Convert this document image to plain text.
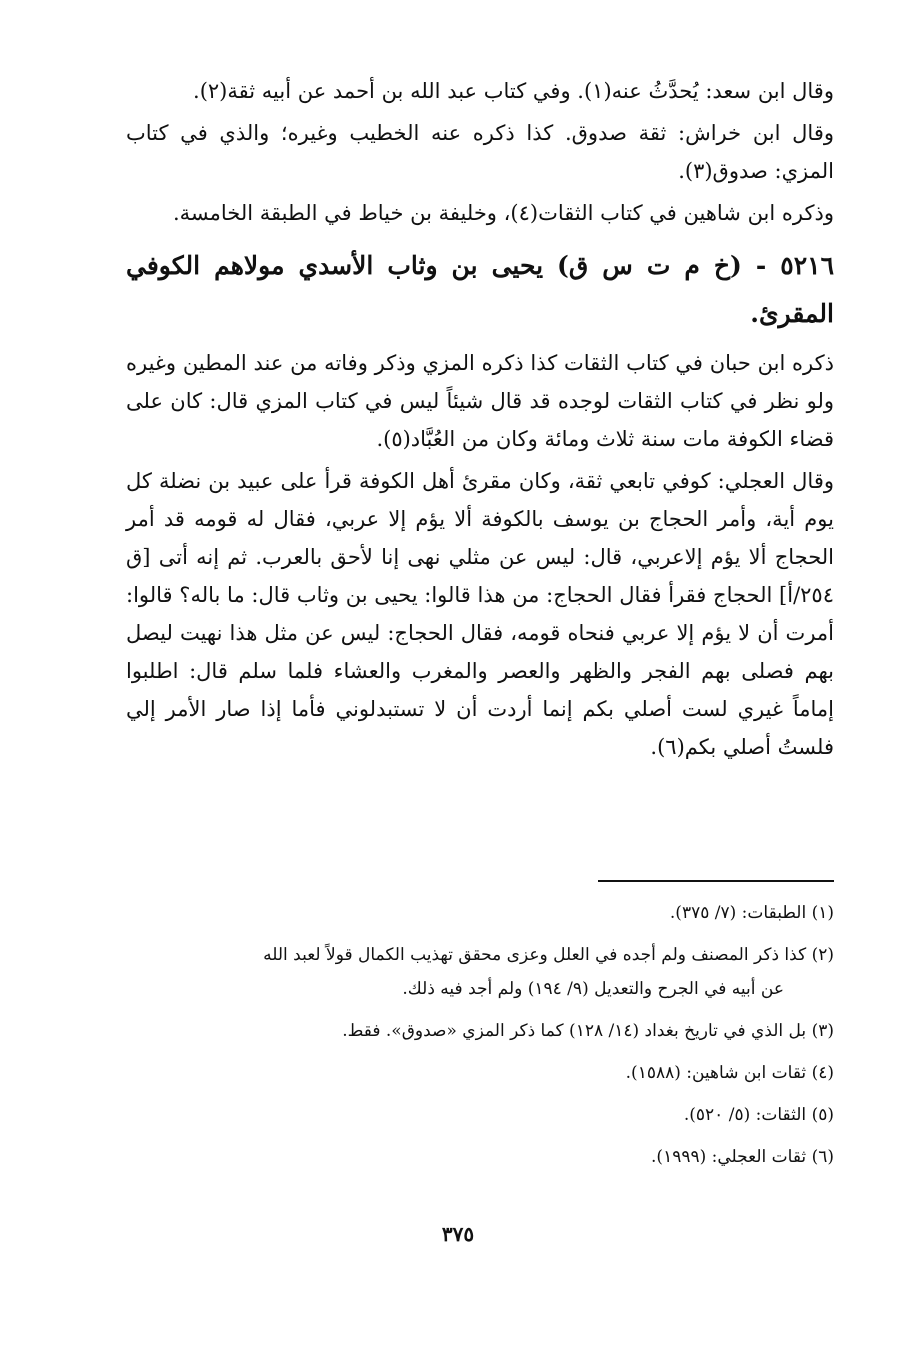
وقال ابن سعد: يُحدَّثُ عنه(١). وفي كتاب عبد الله بن أحمد عن أبيه ثقة(٢).

وقال ابن خراش: ثقة صدوق. كذا ذكره عنه الخطيب وغيره؛ والذي في كتاب المزي: صدوق(٣).

وذكره ابن شاهين في كتاب الثقات(٤)، وخليفة بن خياط في الطبقة الخامسة.

٥٢١٦ - (خ م ت س ق) يحيى بن وثاب الأسدي مولاهم الكوفي المقرئ.

ذكره ابن حبان في كتاب الثقات كذا ذكره المزي وذكر وفاته من عند المطين وغيره ولو نظر في كتاب الثقات لوجده قد قال شيئاً ليس في كتاب المزي قال: كان على قضاء الكوفة مات سنة ثلاث ومائة وكان من العُبَّاد(٥).

وقال العجلي: كوفي تابعي ثقة، وكان مقرئ أهل الكوفة قرأ على عبيد بن نضلة كل يوم أية، وأمر الحجاج بن يوسف بالكوفة ألا يؤم إلا عربي، فقال له قومه قد أمر الحجاج ألا يؤم إلاعربي، قال: ليس عن مثلي نهى إنا لأحق بالعرب. ثم إنه أتى [ق ٢٥٤/أ] الحجاج فقرأ فقال الحجاج: من هذا قالوا: يحيى بن وثاب قال: ما باله؟ قالوا: أمرت أن لا يؤم إلا عربي فنحاه قومه، فقال الحجاج: ليس عن مثل هذا نهيت ليصل بهم فصلى بهم الفجر والظهر والعصر والمغرب والعشاء فلما سلم قال: اطلبوا إماماً غيري لست أصلي بكم إنما أردت أن لا تستبدلوني فأما إذا صار الأمر إلي فلستُ أصلي بكم(٦).

(١) الطبقات: (٧/ ٣٧٥).
(٢) كذا ذكر المصنف ولم أجده في العلل وعزى محقق تهذيب الكمال قولاً لعبد الله
عن أبيه في الجرح والتعديل (٩/ ١٩٤) ولم أجد فيه ذلك.
(٣) بل الذي في تاريخ بغداد (١٤/ ١٢٨) كما ذكر المزي «صدوق». فقط.
(٤) ثقات ابن شاهين: (١٥٨٨).
(٥) الثقات: (٥/ ٥٢٠).
(٦) ثقات العجلي: (١٩٩٩).
٣٧٥
